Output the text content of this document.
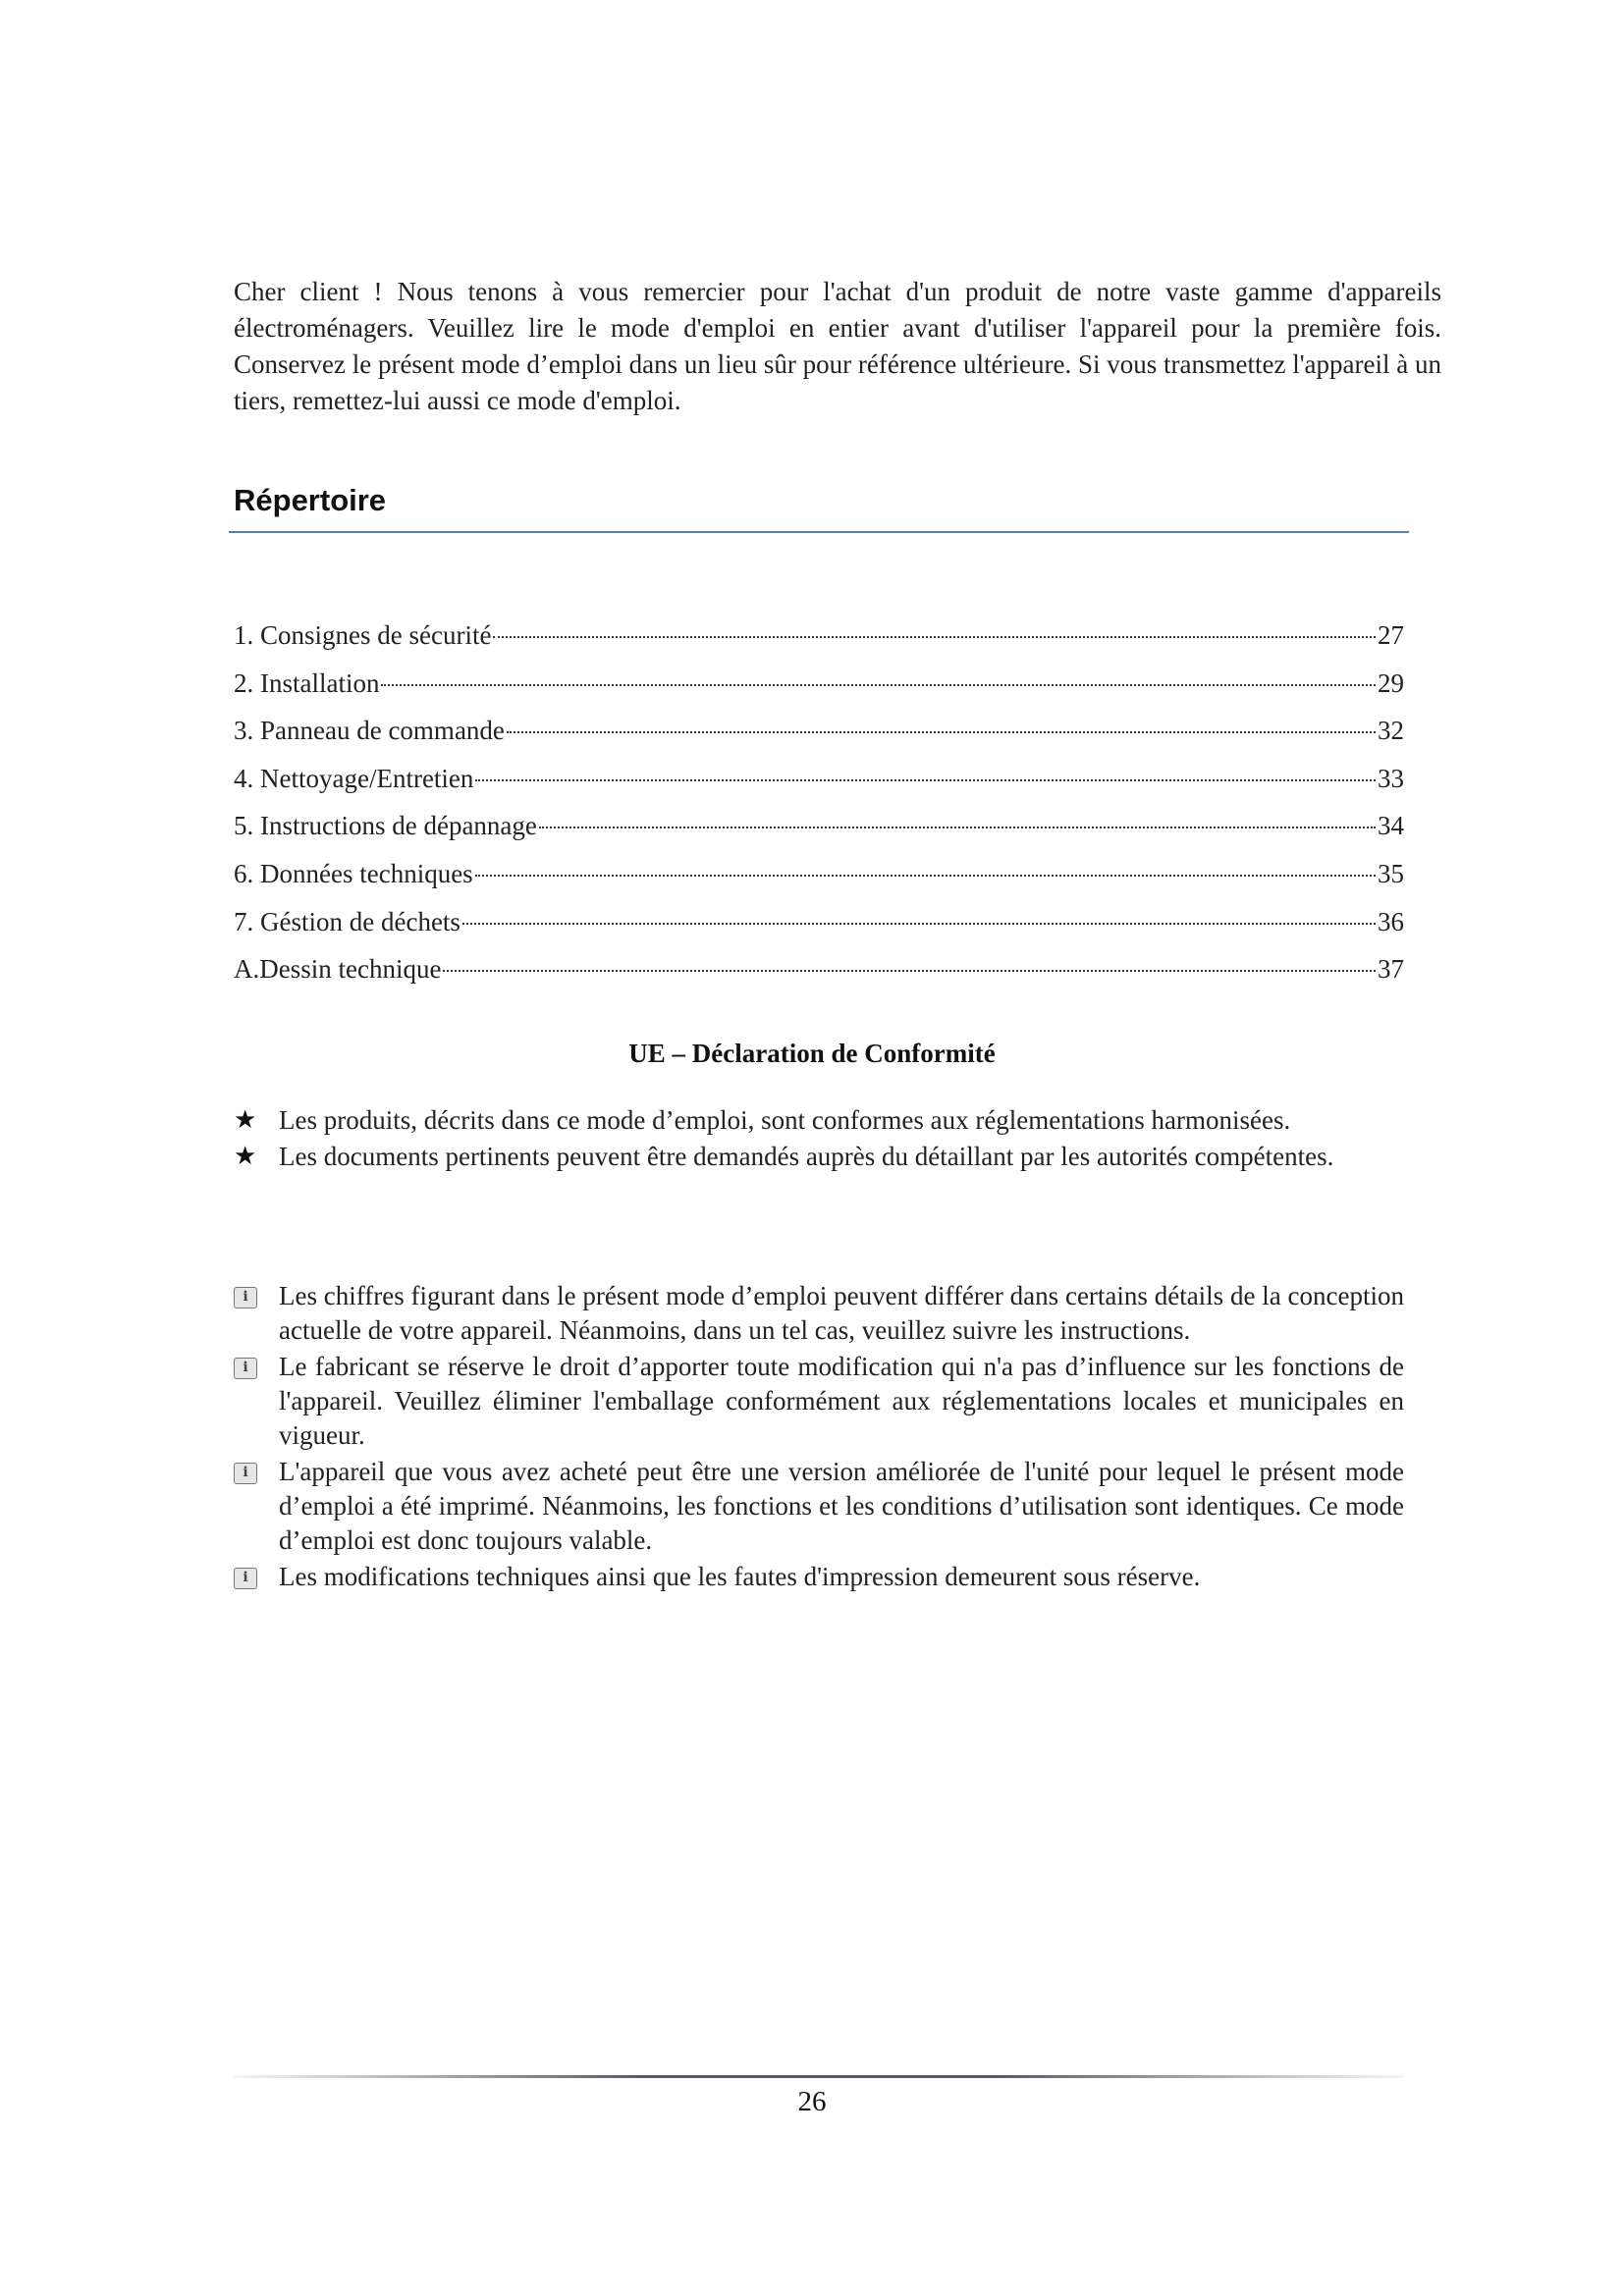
Cher client ! Nous tenons à vous remercier pour l'achat d'un produit de notre vaste gamme d'appareils électroménagers. Veuillez lire le mode d'emploi en entier avant d'utiliser l'appareil pour la première fois. Conservez le présent mode d’emploi dans un lieu sûr pour référence ultérieure. Si vous transmettez l'appareil à un tiers, remettez-lui aussi ce mode d'emploi.

Répertoire
1. Consignes de sécurité	27
2. Installation	29
3. Panneau de commande	32
4. Nettoyage/Entretien	33
5. Instructions de dépannage	34
6. Données techniques	35
7. Géstion de déchets	36
A.Dessin technique	37
UE – Déclaration de Conformité
★ Les produits, décrits dans ce mode d’emploi, sont conformes aux réglementations harmonisées.
★ Les documents pertinents peuvent être demandés auprès du détaillant par les autorités compétentes.
i	Les chiffres figurant dans le présent mode d’emploi peuvent différer dans certains détails de la conception actuelle de votre appareil. Néanmoins, dans un tel cas, veuillez suivre les instructions.
i	Le fabricant se réserve le droit d’apporter toute modification qui n'a pas d’influence sur les fonctions de l'appareil. Veuillez éliminer l'emballage conformément aux réglementations locales et municipales en vigueur.
i	L'appareil que vous avez acheté peut être une version améliorée de l'unité pour lequel le présent mode d’emploi a été imprimé. Néanmoins, les fonctions et les conditions d’utilisation sont identiques. Ce mode d’emploi est donc toujours valable.
i	Les modifications techniques ainsi que les fautes d'impression demeurent sous réserve.
26
